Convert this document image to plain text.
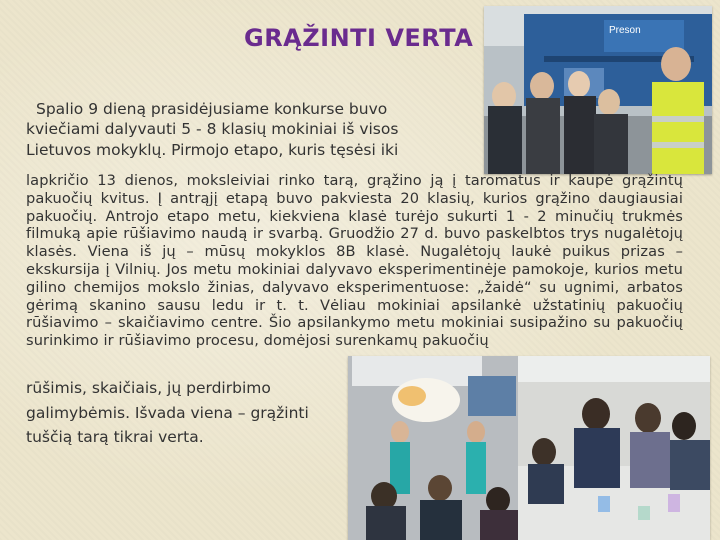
GRĄŽINTI VERTA	Preson

Spalio 9 dieną prasidėjusiame konkurse buvo

kviečiami dalyvauti 5 - 8 klasių mokiniai iš visos

Lietuvos mokyklų. Pirmojo etapo, kuris tęsėsi iki

lapkričio 13 dienos, moksleiviai rinko tarą, grąžino ją į taromatus ir kaupė grąžintų pakuočių kvitus. Į antrąjį etapą buvo pakviesta 20 klasių, kurios grąžino daugiausiai pakuočių. Antrojo etapo metu, kiekviena klasė turėjo sukurti 1 - 2 minučių trukmės filmuką apie rūšiavimo naudą ir svarbą. Gruodžio 27 d. buvo paskelbtos trys nugalėtojų klasės. Viena iš jų – mūsų mokyklos 8B klasė. Nugalėtojų laukė puikus prizas – ekskursija į Vilnių. Jos metu mokiniai dalyvavo eksperimentinėje pamokoje, kurios metu gilino chemijos mokslo žinias, dalyvavo eksperimentuose: „žaidė“ su ugnimi, arbatos gėrimą skanino sausu ledu ir t. t. Vėliau mokiniai apsilankė užstatinių pakuočių rūšiavimo – skaičiavimo centre. Šio apsilankymo metu mokiniai susipažino su pakuočių surinkimo ir rūšiavimo procesu, domėjosi surenkamų pakuočių

rūšimis, skaičiais, jų perdirbimo

galimybėmis. Išvada viena – grąžinti

tuščią tarą tikrai verta.
